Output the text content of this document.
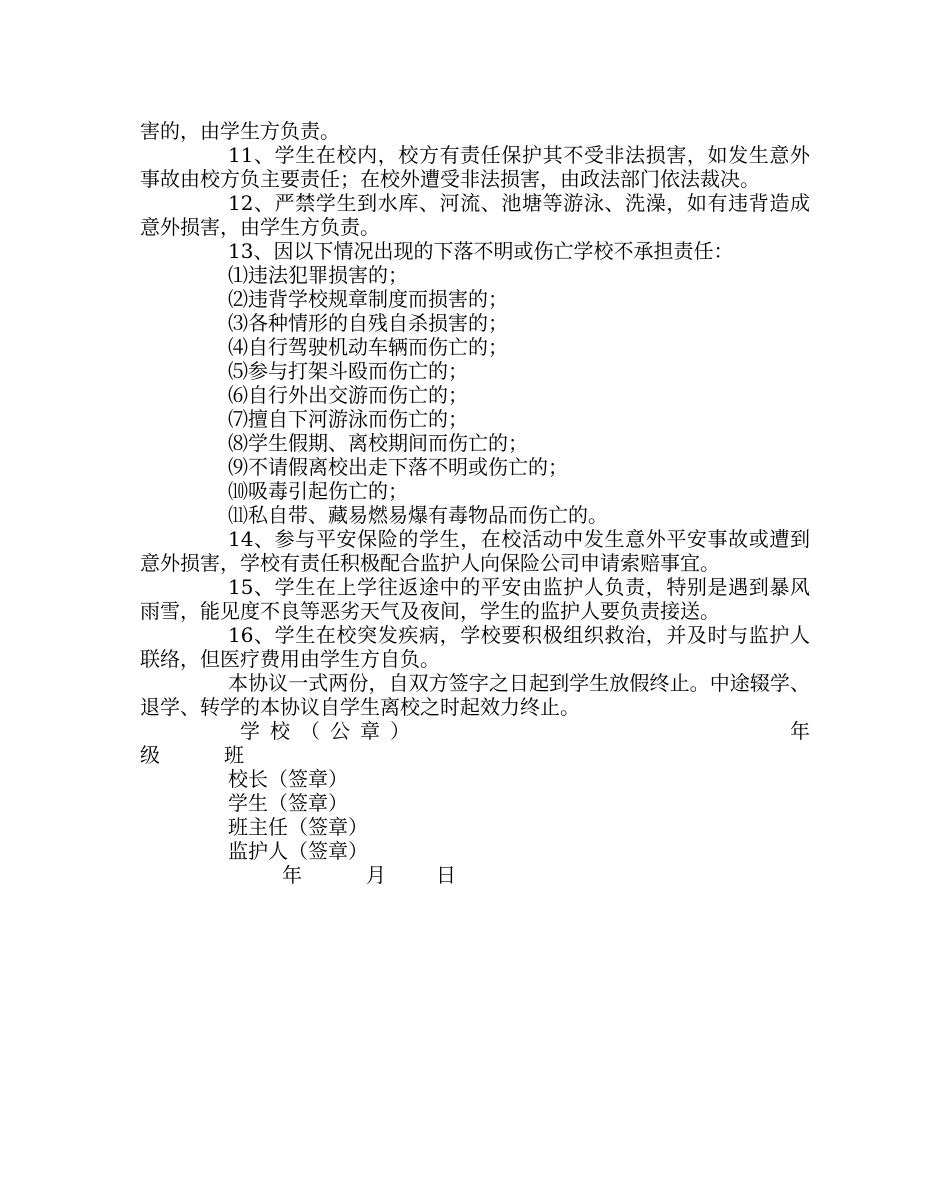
害的，由学生方负责。

11、学生在校内，校方有责任保护其不受非法损害，如发生意外事故由校方负主要责任；在校外遭受非法损害，由政法部门依法裁决。

12、严禁学生到水库、河流、池塘等游泳、洗澡，如有违背造成意外损害，由学生方负责。

13、因以下情况出现的下落不明或伤亡学校不承担责任：

⑴违法犯罪损害的；

⑵违背学校规章制度而损害的；

⑶各种情形的自残自杀损害的；

⑷自行驾驶机动车辆而伤亡的；

⑸参与打架斗殴而伤亡的；

⑹自行外出交游而伤亡的；

⑺擅自下河游泳而伤亡的；

⑻学生假期、离校期间而伤亡的；

⑼不请假离校出走下落不明或伤亡的；

⑽吸毒引起伤亡的；

⑾私自带、藏易燃易爆有毒物品而伤亡的。

14、参与平安保险的学生，在校活动中发生意外平安事故或遭到意外损害，学校有责任积极配合监护人向保险公司申请索赔事宜。

15、学生在上学往返途中的平安由监护人负责，特别是遇到暴风雨雪，能见度不良等恶劣天气及夜间，学生的监护人要负责接送。

16、学生在校突发疾病，学校要积极组织救治，并及时与监护人联络，但医疗费用由学生方自负。

本协议一式两份，自双方签字之日起到学生放假终止。中途辍学、退学、转学的本协议自学生离校之时起效力终止。

学校（公章）	年
级	班

校长（签章）

学生（签章）

班主任（签章）

监护人（签章）

年	月	日
